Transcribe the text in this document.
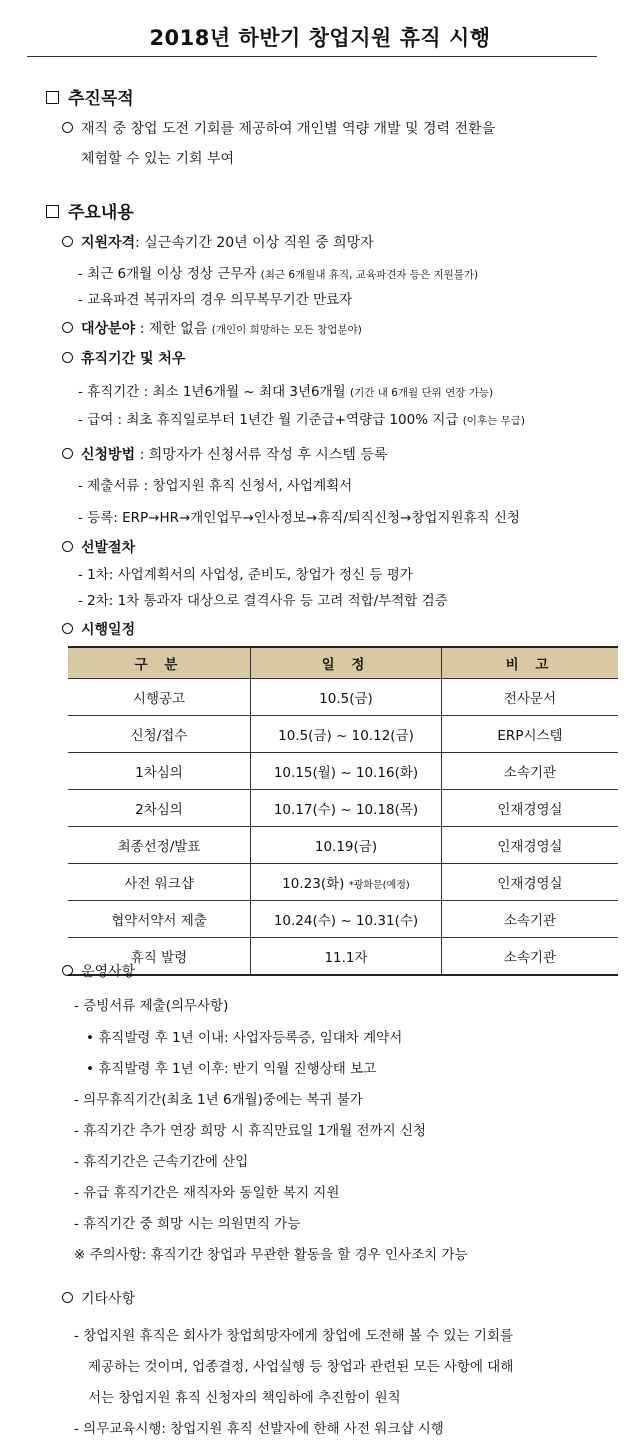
2018년 하반기 창업지원 휴직 시행
추진목적
재직 중 창업 도전 기회를 제공하여 개인별 역량 개발 및 경력 전환을
체험할 수 있는 기회 부여
주요내용
지원자격: 실근속기간 20년 이상 직원 중 희망자
- 최근 6개월 이상 정상 근무자 (최근 6개월내 휴직, 교육파견자 등은 지원불가)
- 교육파견 복귀자의 경우 의무복무기간 만료자
대상분야 : 제한 없음 (개인이 희망하는 모든 창업분야)
휴직기간 및 처우
- 휴직기간 : 최소 1년6개월 ~ 최대 3년6개월 (기간 내 6개월 단위 연장 가능)
- 급여 : 최초 휴직일로부터 1년간 월 기준급+역량급 100% 지급 (이후는 무급)
신청방법 : 희망자가 신청서류 작성 후 시스템 등록
- 제출서류 : 창업지원 휴직 신청서, 사업계획서
- 등록: ERP→HR→개인업무→인사정보→휴직/퇴직신청→창업지원휴직 신청
선발절차
- 1차: 사업계획서의 사업성, 준비도, 창업가 정신 등 평가
- 2차: 1차 통과자 대상으로 결격사유 등 고려 적합/부적합 검증
시행일정
구 분	일 정	비 고
시행공고	10.5(금)	전사문서
신청/접수	10.5(금) ~ 10.12(금)	ERP시스템
1차심의	10.15(월) ~ 10.16(화)	소속기관
2차심의	10.17(수) ~ 10.18(목)	인재경영실
최종선정/발표	10.19(금)	인재경영실
사전 워크샵	10.23(화) *광화문(예정)	인재경영실
협약서약서 제출	10.24(수) ~ 10.31(수)	소속기관
휴직 발령	11.1자	소속기관
운영사항
- 증빙서류 제출(의무사항)
• 휴직발령 후 1년 이내: 사업자등록증, 임대차 계약서
• 휴직발령 후 1년 이후: 반기 익월 진행상태 보고
- 의무휴직기간(최초 1년 6개월)중에는 복귀 불가
- 휴직기간 추가 연장 희망 시 휴직만료일 1개월 전까지 신청
- 휴직기간은 근속기간에 산입
- 유급 휴직기간은 재직자와 동일한 복지 지원
- 휴직기간 중 희망 시는 의원면직 가능
※ 주의사항: 휴직기간 창업과 무관한 활동을 할 경우 인사조치 가능
기타사항
- 창업지원 휴직은 회사가 창업희망자에게 창업에 도전해 볼 수 있는 기회를
제공하는 것이며, 업종결정, 사업실행 등 창업과 관련된 모든 사항에 대해
서는 창업지원 휴직 신청자의 책임하에 추진함이 원칙
- 의무교육시행: 창업지원 휴직 선발자에 한해 사전 워크샵 시행
